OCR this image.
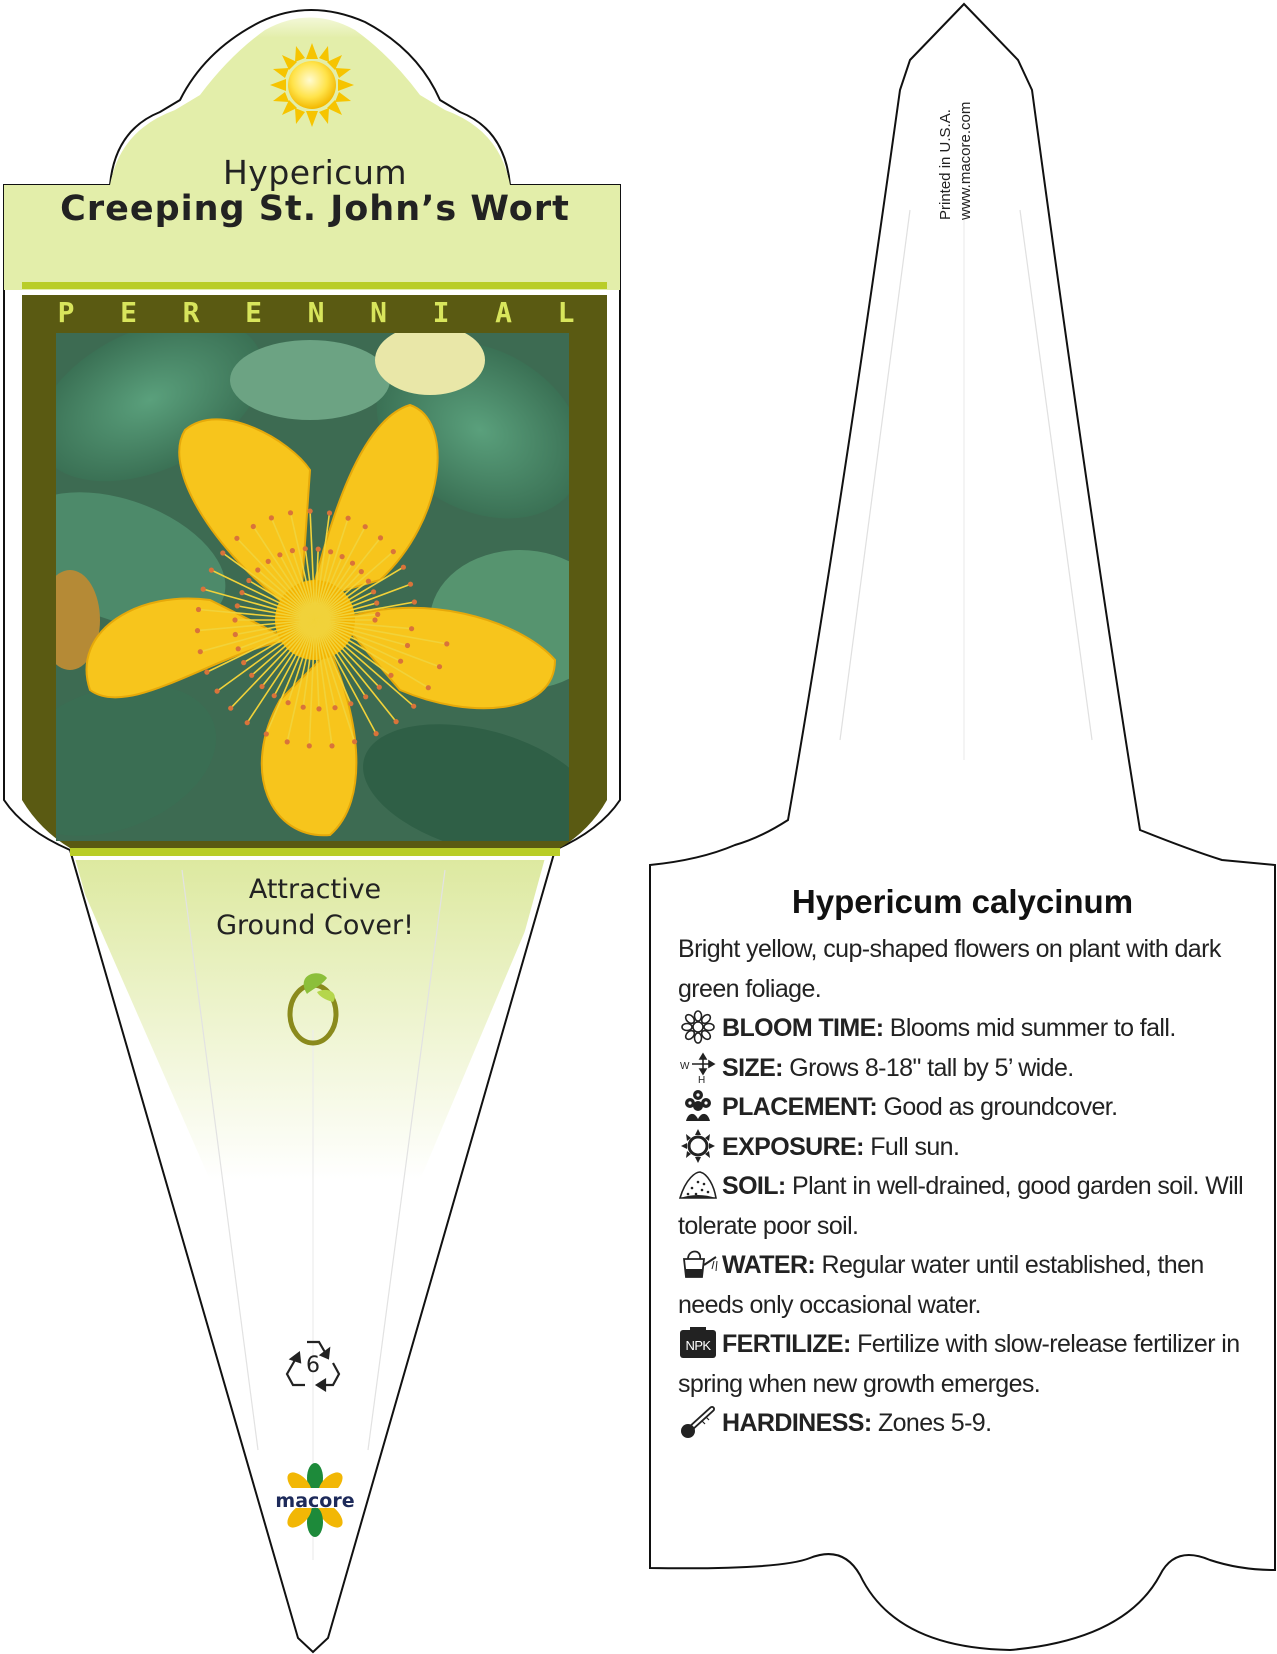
Hypericum
Creeping St. John’s Wort
P E R E N N I A L
Attractive
Ground Cover!
6
macore
Printed in U.S.A. www.macore.com
Hypericum calycinum
Bright yellow, cup-shaped flowers on plant with dark green foliage.
BLOOM TIME: Blooms mid summer to fall.
W
H SIZE: Grows 8-18" tall by 5’ wide.
PLACEMENT: Good as groundcover.
EXPOSURE: Full sun.
SOIL: Plant in well-drained, good garden soil. Will tolerate poor soil.
WATER: Regular water until established, then needs only occasional water.
NPK FERTILIZE: Fertilize with slow-release fertilizer in spring when new growth emerges.
HARDINESS: Zones 5-9.
